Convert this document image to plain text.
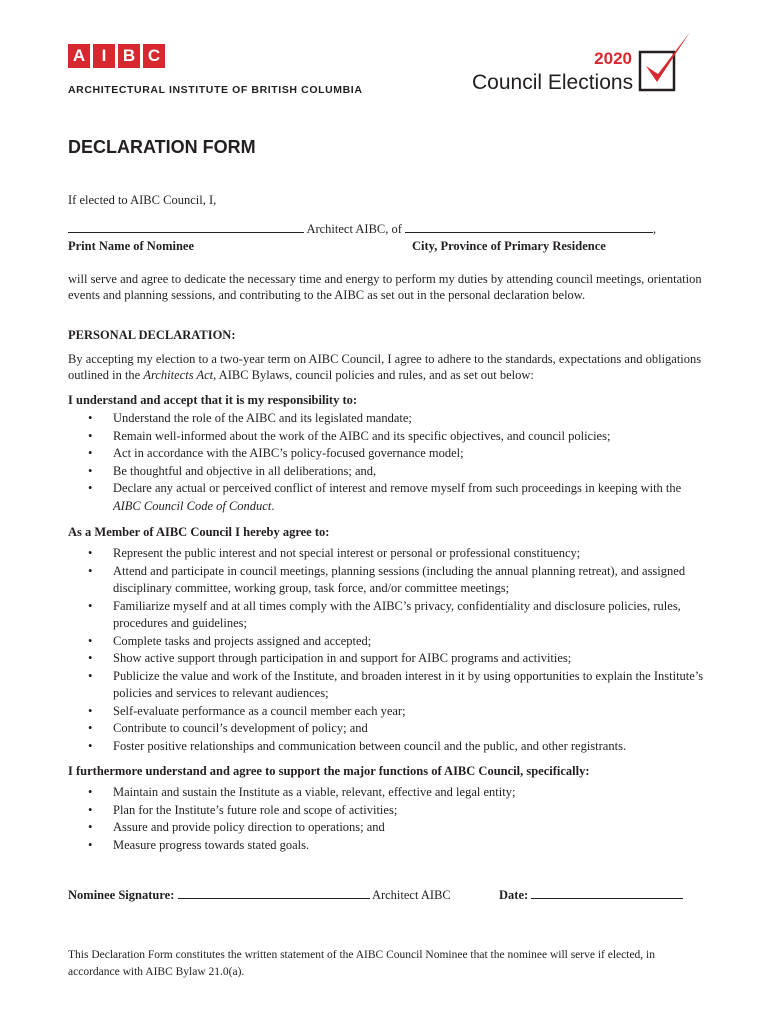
A I B C
ARCHITECTURAL INSTITUTE OF BRITISH COLUMBIA
2020
Council Elections
DECLARATION FORM

If elected to AIBC Council, I,

Architect AIBC, of	,
Print Name of Nominee	City, Province of Primary Residence

will serve and agree to dedicate the necessary time and energy to perform my duties by attending council meetings, orientation events and planning sessions, and contributing to the AIBC as set out in the personal declaration below.

PERSONAL DECLARATION:

By accepting my election to a two-year term on AIBC Council, I agree to adhere to the standards, expectations and obligations outlined in the Architects Act, AIBC Bylaws, council policies and rules, and as set out below:

I understand and accept that it is my responsibility to:

• Understand the role of the AIBC and its legislated mandate;
• Remain well-informed about the work of the AIBC and its specific objectives, and council policies;
• Act in accordance with the AIBC’s policy-focused governance model;
• Be thoughtful and objective in all deliberations; and,
• Declare any actual or perceived conflict of interest and remove myself from such proceedings in keeping with the AIBC Council Code of Conduct.

As a Member of AIBC Council I hereby agree to:

• Represent the public interest and not special interest or personal or professional constituency;
• Attend and participate in council meetings, planning sessions (including the annual planning retreat), and assigned disciplinary committee, working group, task force, and/or committee meetings;
• Familiarize myself and at all times comply with the AIBC’s privacy, confidentiality and disclosure policies, rules, procedures and guidelines;
• Complete tasks and projects assigned and accepted;
• Show active support through participation in and support for AIBC programs and activities;
• Publicize the value and work of the Institute, and broaden interest in it by using opportunities to explain the Institute’s policies and services to relevant audiences;
• Self-evaluate performance as a council member each year;
• Contribute to council’s development of policy; and
• Foster positive relationships and communication between council and the public, and other registrants.

I furthermore understand and agree to support the major functions of AIBC Council, specifically:

• Maintain and sustain the Institute as a viable, relevant, effective and legal entity;
• Plan for the Institute’s future role and scope of activities;
• Assure and provide policy direction to operations; and
• Measure progress towards stated goals.
Nominee Signature:	Architect AIBC	Date:

This Declaration Form constitutes the written statement of the AIBC Council Nominee that the nominee will serve if elected, in accordance with AIBC Bylaw 21.0(a).
